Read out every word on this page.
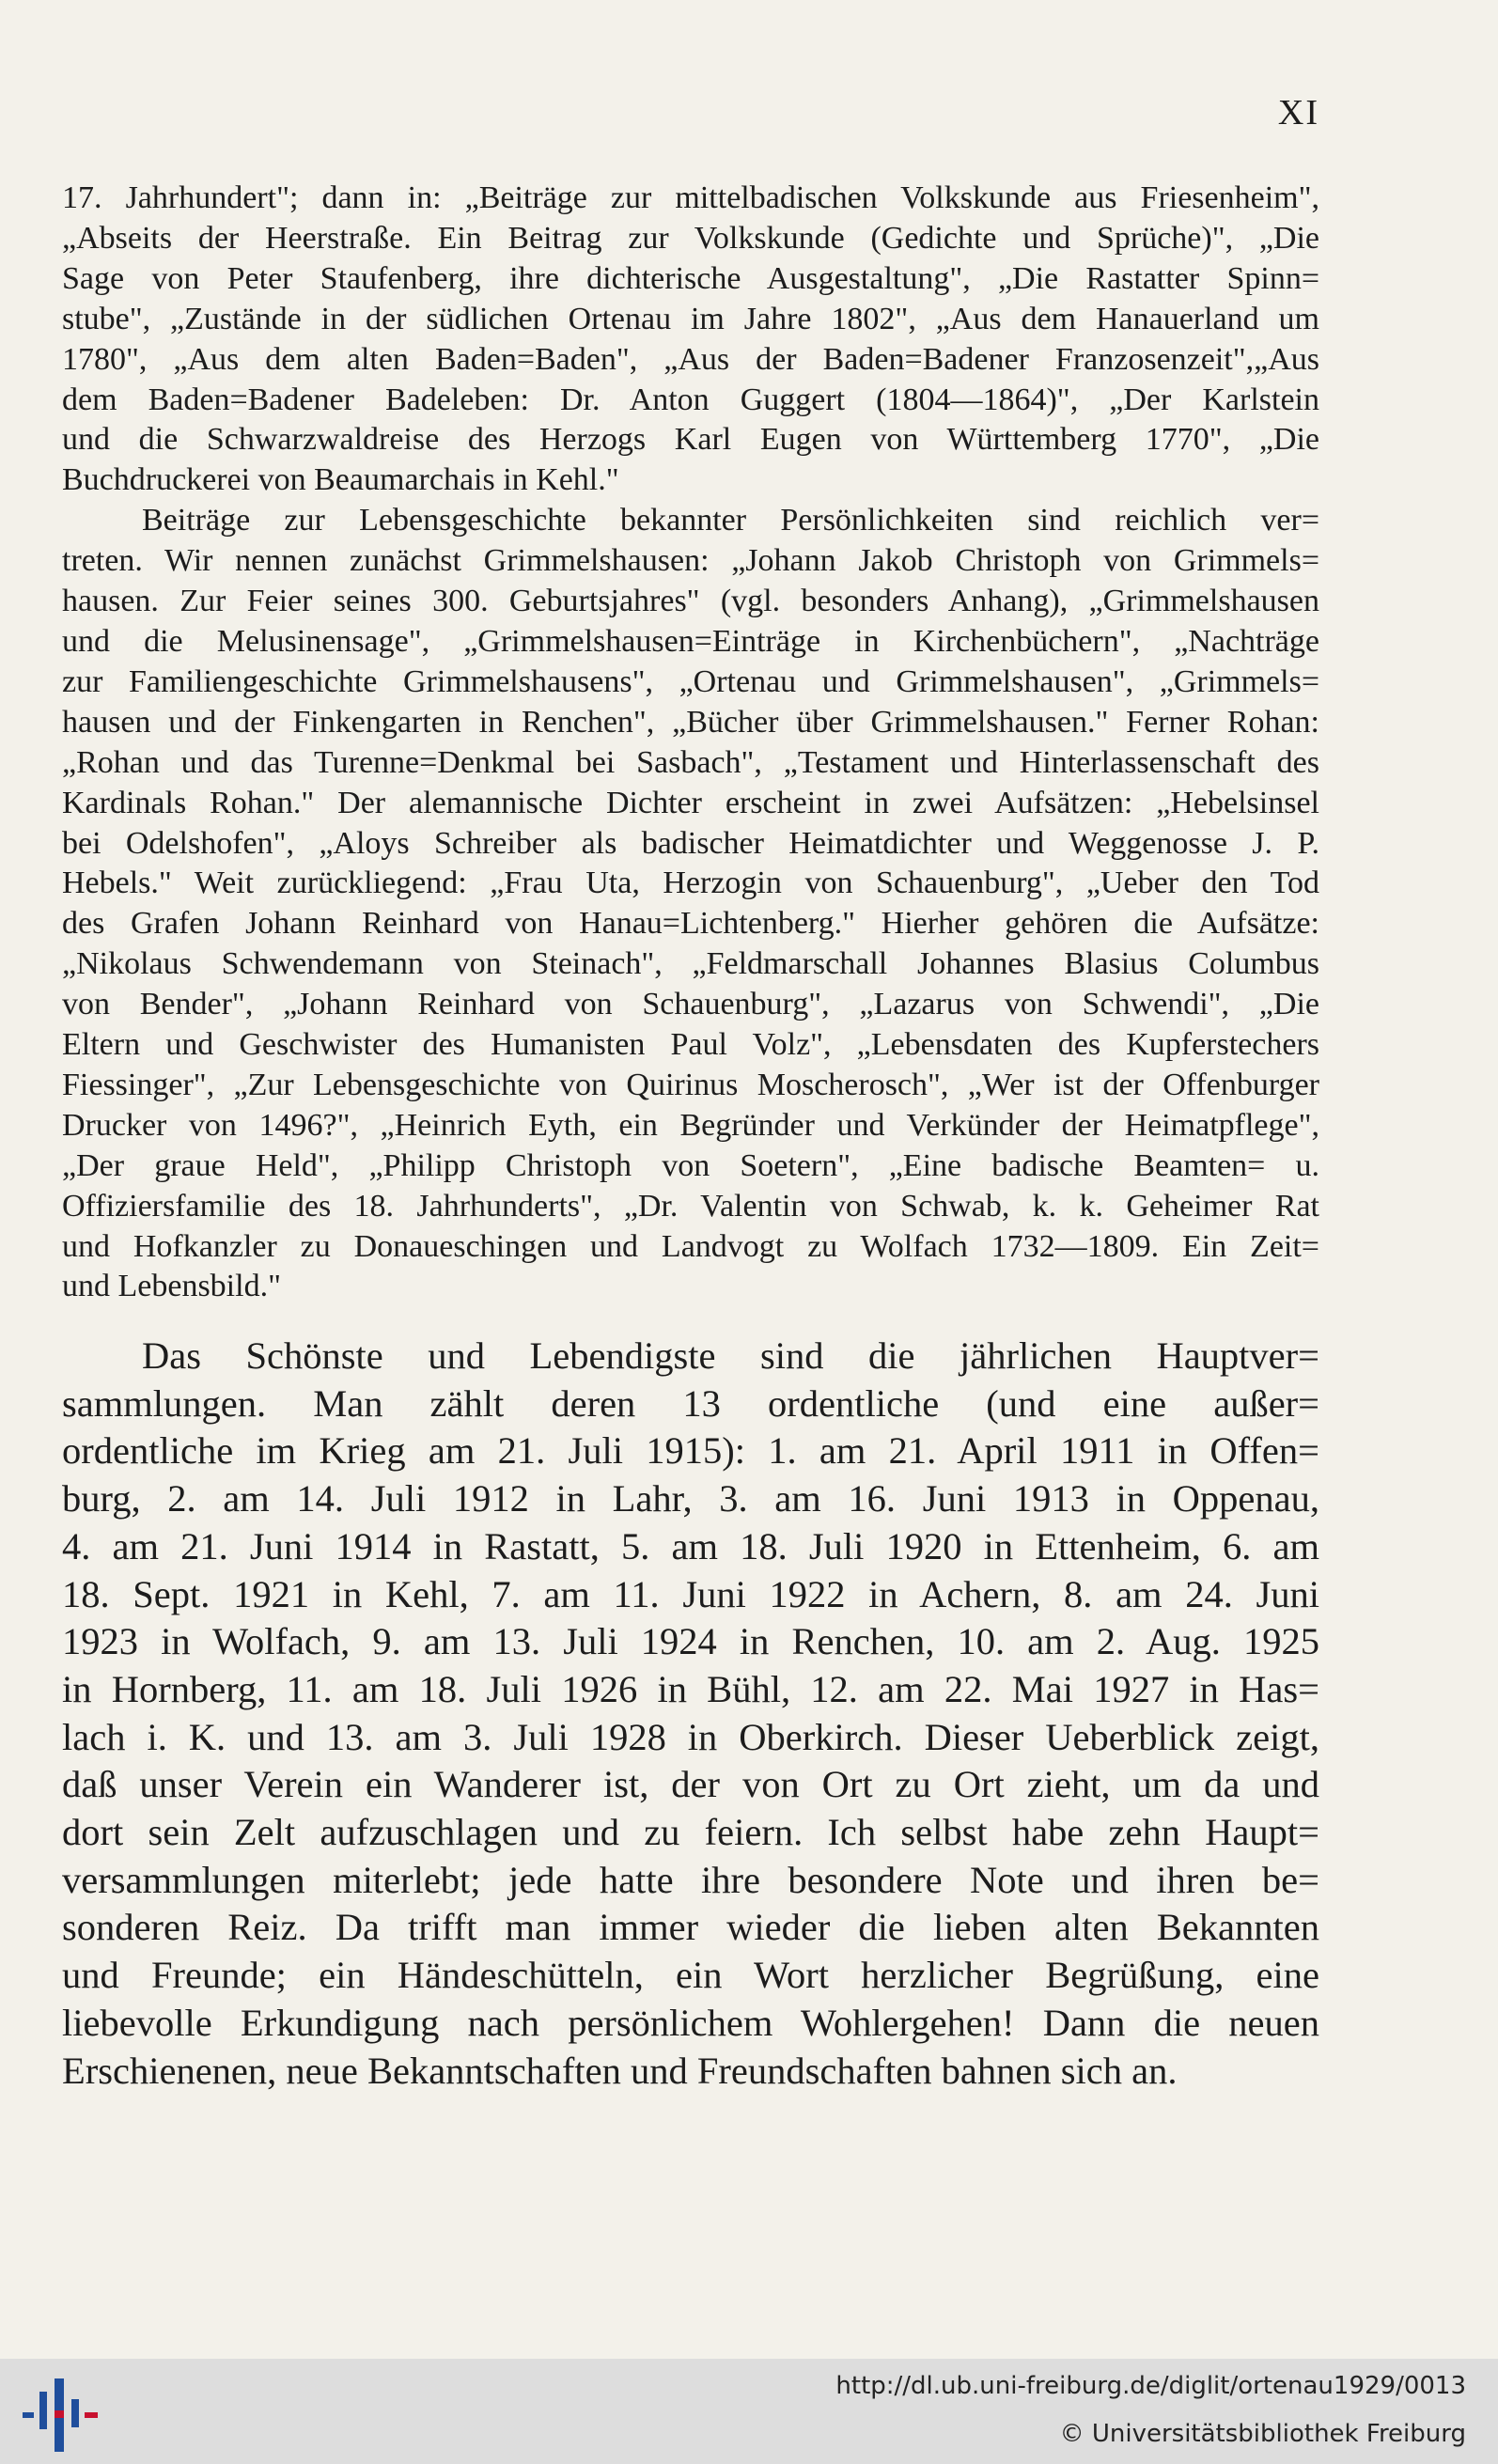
XI
17. Jahrhundert"; dann in: „Beiträge zur mittelbadischen Volkskunde aus Friesenheim",
„Abseits der Heerstraße. Ein Beitrag zur Volkskunde (Gedichte und Sprüche)", „Die
Sage von Peter Staufenberg, ihre dichterische Ausgestaltung", „Die Rastatter Spinn=
stube", „Zustände in der südlichen Ortenau im Jahre 1802", „Aus dem Hanauerland um
1780", „Aus dem alten Baden=Baden", „Aus der Baden=Badener Franzosenzeit",„Aus
dem Baden=Badener Badeleben: Dr. Anton Guggert (1804—1864)", „Der Karlstein
und die Schwarzwaldreise des Herzogs Karl Eugen von Württemberg 1770", „Die
Buchdruckerei von Beaumarchais in Kehl."
Beiträge zur Lebensgeschichte bekannter Persönlichkeiten sind reichlich ver=
treten. Wir nennen zunächst Grimmelshausen: „Johann Jakob Christoph von Grimmels=
hausen. Zur Feier seines 300. Geburtsjahres" (vgl. besonders Anhang), „Grimmelshausen
und die Melusinensage", „Grimmelshausen=Einträge in Kirchenbüchern", „Nachträge
zur Familiengeschichte Grimmelshausens", „Ortenau und Grimmelshausen", „Grimmels=
hausen und der Finkengarten in Renchen", „Bücher über Grimmelshausen." Ferner Rohan:
„Rohan und das Turenne=Denkmal bei Sasbach", „Testament und Hinterlassenschaft des
Kardinals Rohan." Der alemannische Dichter erscheint in zwei Aufsätzen: „Hebelsinsel
bei Odelshofen", „Aloys Schreiber als badischer Heimatdichter und Weggenosse J. P.
Hebels." Weit zurückliegend: „Frau Uta, Herzogin von Schauenburg", „Ueber den Tod
des Grafen Johann Reinhard von Hanau=Lichtenberg." Hierher gehören die Aufsätze:
„Nikolaus Schwendemann von Steinach", „Feldmarschall Johannes Blasius Columbus
von Bender", „Johann Reinhard von Schauenburg", „Lazarus von Schwendi", „Die
Eltern und Geschwister des Humanisten Paul Volz", „Lebensdaten des Kupferstechers
Fiessinger", „Zur Lebensgeschichte von Quirinus Moscherosch", „Wer ist der Offenburger
Drucker von 1496?", „Heinrich Eyth, ein Begründer und Verkünder der Heimatpflege",
„Der graue Held", „Philipp Christoph von Soetern", „Eine badische Beamten= u.
Offiziersfamilie des 18. Jahrhunderts", „Dr. Valentin von Schwab, k. k. Geheimer Rat
und Hofkanzler zu Donaueschingen und Landvogt zu Wolfach 1732—1809. Ein Zeit=
und Lebensbild."
Das Schönste und Lebendigste sind die jährlichen Hauptver=
sammlungen. Man zählt deren 13 ordentliche (und eine außer=
ordentliche im Krieg am 21. Juli 1915): 1. am 21. April 1911 in Offen=
burg, 2. am 14. Juli 1912 in Lahr, 3. am 16. Juni 1913 in Oppenau,
4. am 21. Juni 1914 in Rastatt, 5. am 18. Juli 1920 in Ettenheim, 6. am
18. Sept. 1921 in Kehl, 7. am 11. Juni 1922 in Achern, 8. am 24. Juni
1923 in Wolfach, 9. am 13. Juli 1924 in Renchen, 10. am 2. Aug. 1925
in Hornberg, 11. am 18. Juli 1926 in Bühl, 12. am 22. Mai 1927 in Has=
lach i. K. und 13. am 3. Juli 1928 in Oberkirch. Dieser Ueberblick zeigt,
daß unser Verein ein Wanderer ist, der von Ort zu Ort zieht, um da und
dort sein Zelt aufzuschlagen und zu feiern. Ich selbst habe zehn Haupt=
versammlungen miterlebt; jede hatte ihre besondere Note und ihren be=
sonderen Reiz. Da trifft man immer wieder die lieben alten Bekannten
und Freunde; ein Händeschütteln, ein Wort herzlicher Begrüßung, eine
liebevolle Erkundigung nach persönlichem Wohlergehen! Dann die neuen
Erschienenen, neue Bekanntschaften und Freundschaften bahnen sich an.
http://dl.ub.uni-freiburg.de/diglit/ortenau1929/0013
© Universitätsbibliothek Freiburg
